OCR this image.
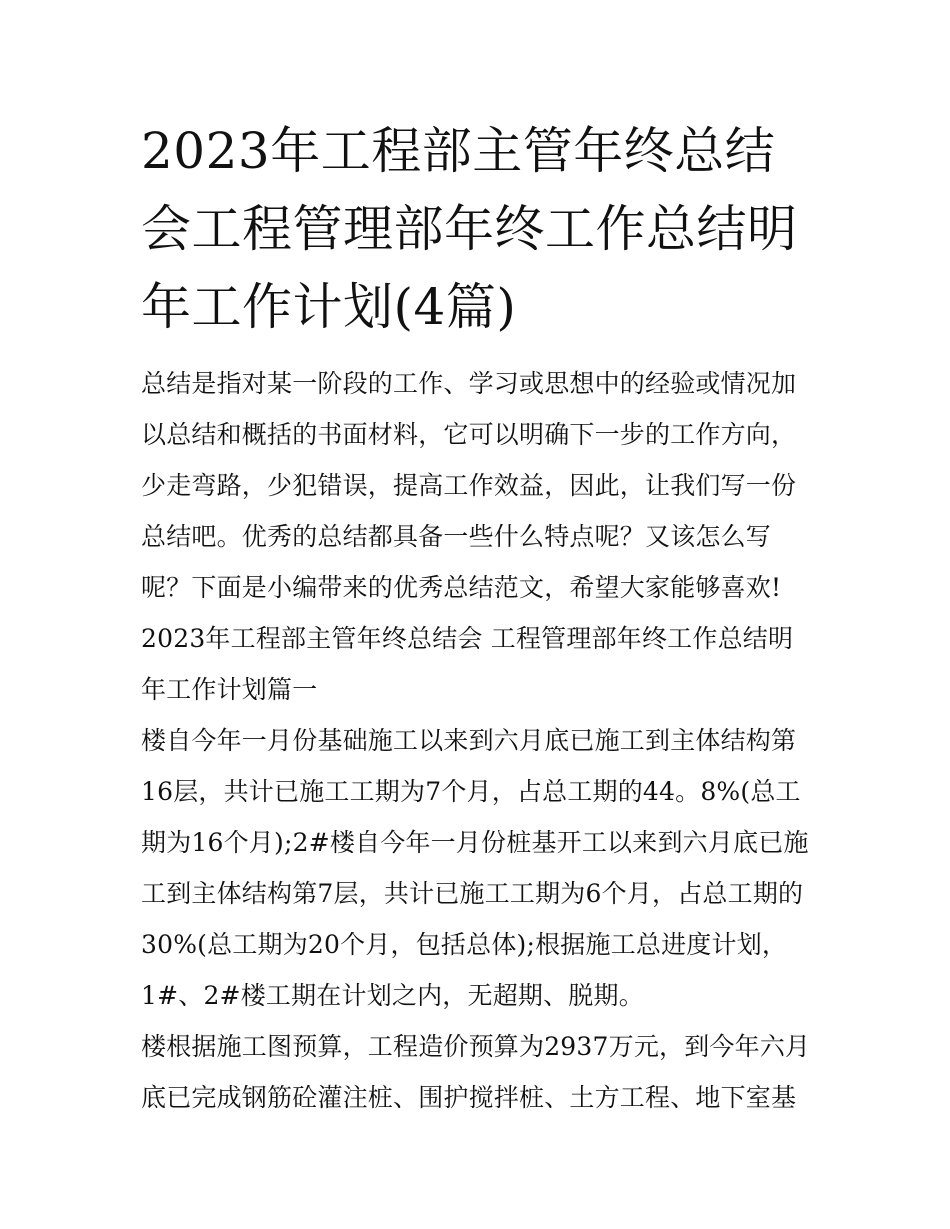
2023年工程部主管年终总结会工程管理部年终工作总结明年工作计划(4篇)

总结是指对某一阶段的工作、学习或思想中的经验或情况加以总结和概括的书面材料，它可以明确下一步的工作方向，少走弯路，少犯错误，提高工作效益，因此，让我们写一份总结吧。优秀的总结都具备一些什么特点呢？又该怎么写呢？下面是小编带来的优秀总结范文，希望大家能够喜欢!

2023年工程部主管年终总结会 工程管理部年终工作总结明年工作计划篇一

楼自今年一月份基础施工以来到六月底已施工到主体结构第16层，共计已施工工期为7个月，占总工期的44。8%(总工期为16个月);2#楼自今年一月份桩基开工以来到六月底已施工到主体结构第7层，共计已施工工期为6个月，占总工期的30%(总工期为20个月，包括总体);根据施工总进度计划，1#、2#楼工期在计划之内，无超期、脱期。

楼根据施工图预算，工程造价预算为2937万元，到今年六月底已完成钢筋砼灌注桩、围护搅拌桩、土方工程、地下室基
